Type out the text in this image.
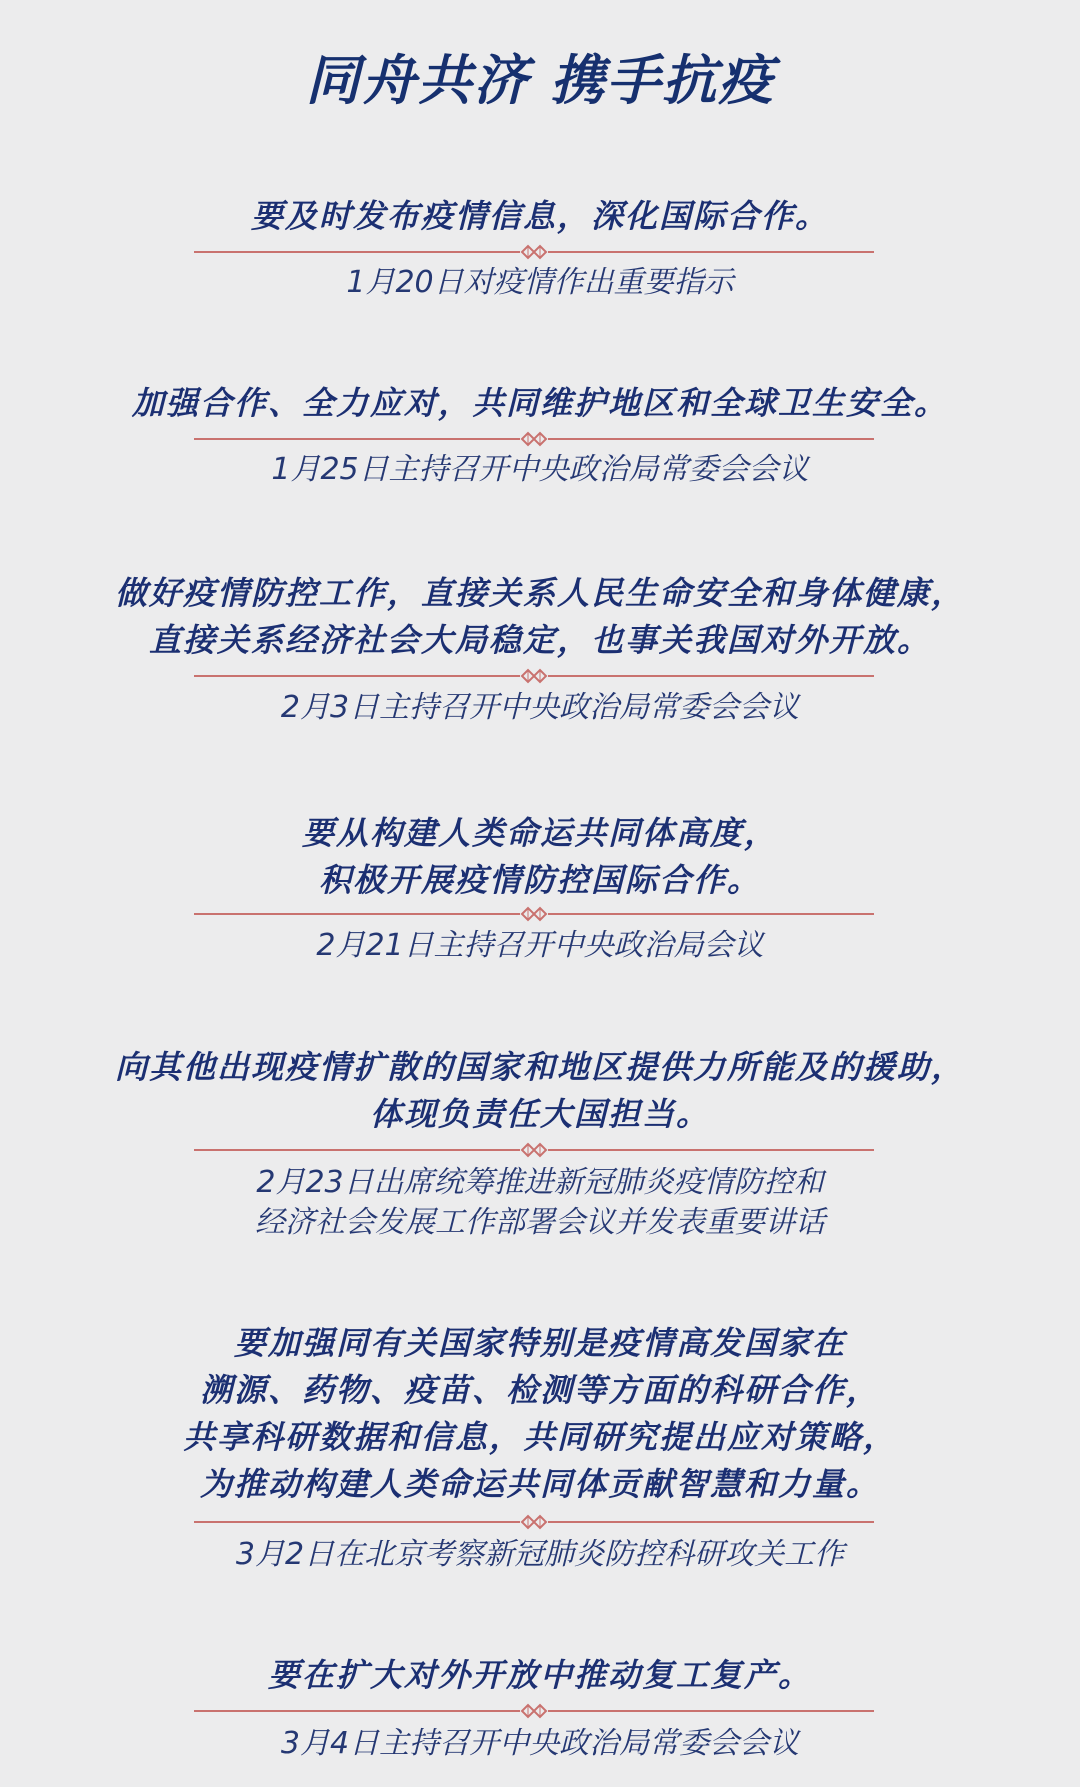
同舟共济 携手抗疫
要及时发布疫情信息，深化国际合作。
1月20日对疫情作出重要指示
加强合作、全力应对，共同维护地区和全球卫生安全。
1月25日主持召开中央政治局常委会会议
做好疫情防控工作，直接关系人民生命安全和身体健康，
直接关系经济社会大局稳定，也事关我国对外开放。
2月3日主持召开中央政治局常委会会议
要从构建人类命运共同体高度，
积极开展疫情防控国际合作。
2月21日主持召开中央政治局会议
向其他出现疫情扩散的国家和地区提供力所能及的援助，
体现负责任大国担当。
2月23日出席统筹推进新冠肺炎疫情防控和
经济社会发展工作部署会议并发表重要讲话
要加强同有关国家特别是疫情高发国家在
溯源、药物、疫苗、检测等方面的科研合作，
共享科研数据和信息，共同研究提出应对策略，
为推动构建人类命运共同体贡献智慧和力量。
3月2日在北京考察新冠肺炎防控科研攻关工作
要在扩大对外开放中推动复工复产。
3月4日主持召开中央政治局常委会会议
